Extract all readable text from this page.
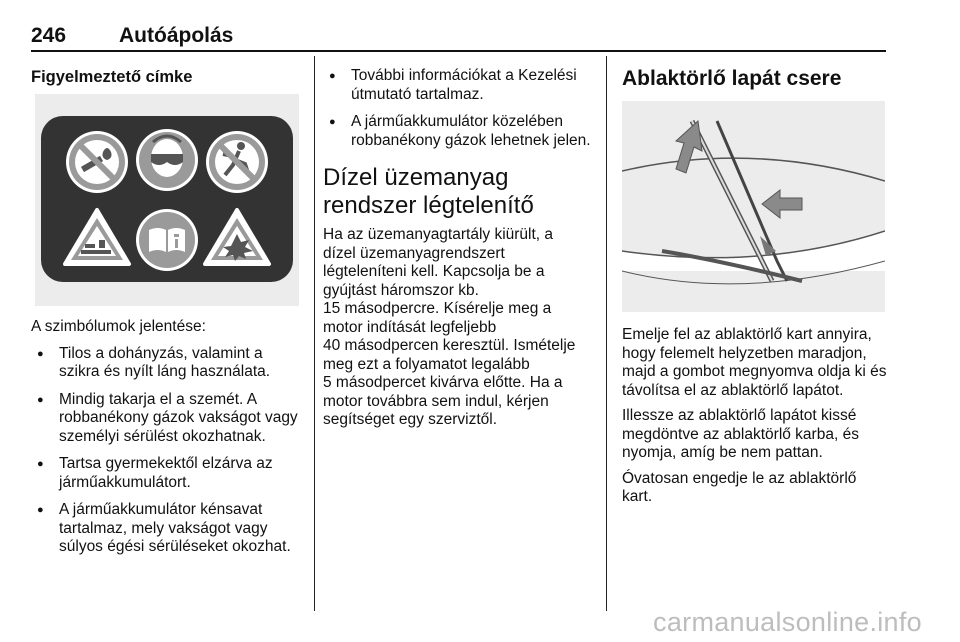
246	Autóápolás

Figyelmeztető címke

A szimbólumok jelentése:

● Tilos a dohányzás, valamint a szikra és nyílt láng használata.
● Mindig takarja el a szemét. A robbanékony gázok vakságot vagy személyi sérülést okozhatnak.
● Tartsa gyermekektől elzárva az járműakkumulátort.
● A járműakkumulátor kénsavat tartalmaz, mely vakságot vagy súlyos égési sérüléseket okozhat.
● További információkat a Kezelési útmutató tartalmaz.
● A járműakkumulátor közelében robbanékony gázok lehetnek jelen.
Dízel üzemanyag rendszer légtelenítő
Ha az üzemanyagtartály kiürült, a
dízel üzemanyagrendszert
légteleníteni kell. Kapcsolja be a
gyújtást háromszor kb.
15 másodpercre. Kísérelje meg a
motor indítását legfeljebb
40 másodpercen keresztül. Ismételje
meg ezt a folyamatot legalább
5 másodpercet kivárva előtte. Ha a
motor továbbra sem indul, kérjen
segítséget egy szerviztől.
Ablaktörlő lapát csere

Emelje fel az ablaktörlő kart annyira, hogy felemelt helyzetben maradjon, majd a gombot megnyomva oldja ki és távolítsa el az ablaktörlő lapátot.

Illessze az ablaktörlő lapátot kissé megdöntve az ablaktörlő karba, és nyomja, amíg be nem pattan.

Óvatosan engedje le az ablaktörlő kart.

carmanualsonline.info
